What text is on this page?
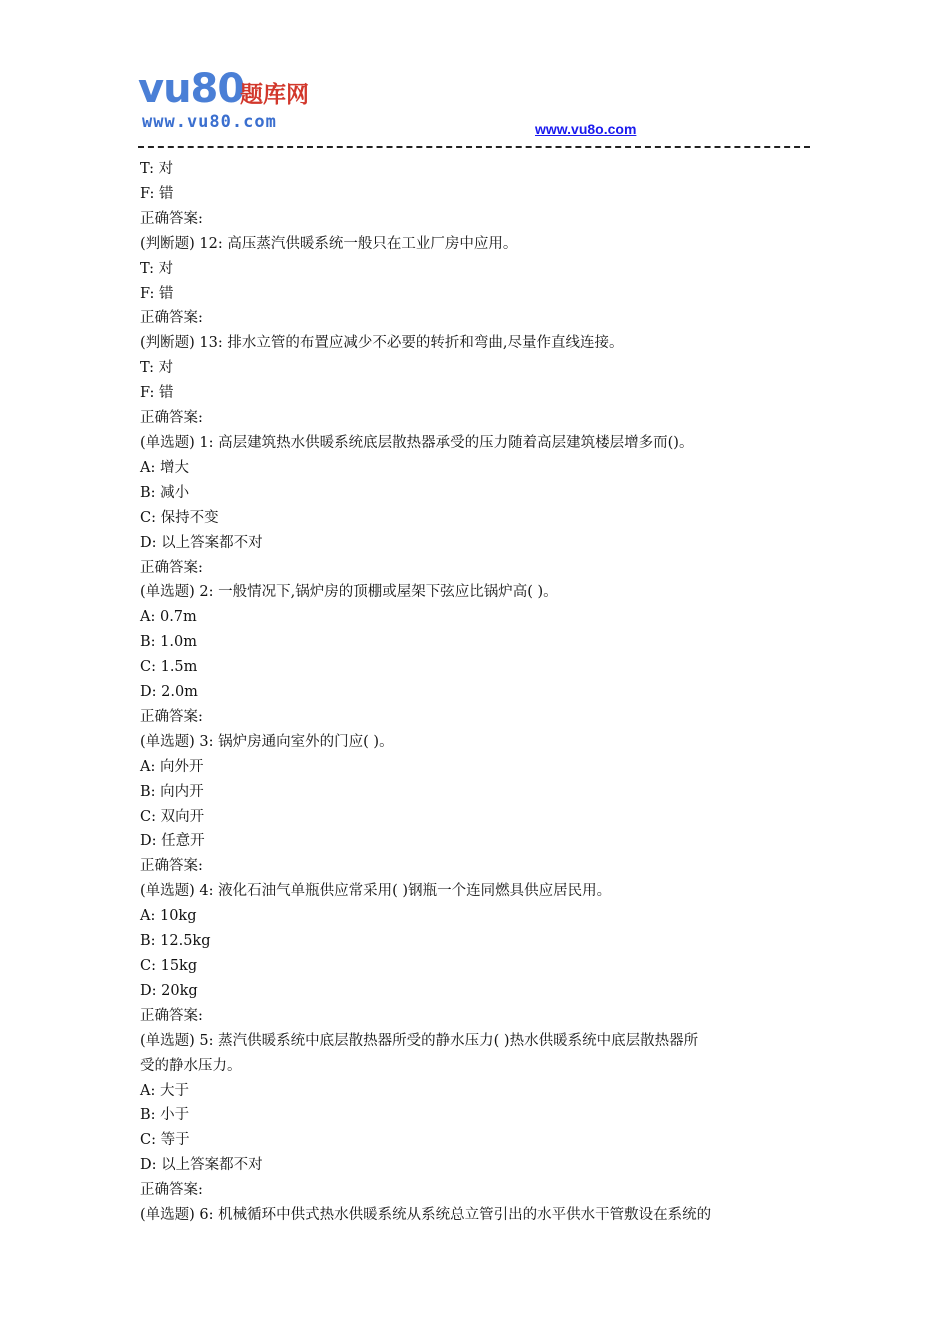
vu80
题库网
www.vu80.com	www.vu8o.com
T: 对
F: 错
正确答案:
(判断题) 12: 高压蒸汽供暖系统一般只在工业厂房中应用。
T: 对
F: 错
正确答案:
(判断题) 13: 排水立管的布置应减少不必要的转折和弯曲,尽量作直线连接。
T: 对
F: 错
正确答案:
(单选题) 1: 高层建筑热水供暖系统底层散热器承受的压力随着高层建筑楼层增多而()。
A: 增大
B: 减小
C: 保持不变
D: 以上答案都不对
正确答案:
(单选题) 2: 一般情况下,锅炉房的顶棚或屋架下弦应比锅炉高( )。
A: 0.7m
B: 1.0m
C: 1.5m
D: 2.0m
正确答案:
(单选题) 3: 锅炉房通向室外的门应( )。
A: 向外开
B: 向内开
C: 双向开
D: 任意开
正确答案:
(单选题) 4: 液化石油气单瓶供应常采用( )钢瓶一个连同燃具供应居民用。
A: 10kg
B: 12.5kg
C: 15kg
D: 20kg
正确答案:
(单选题) 5: 蒸汽供暖系统中底层散热器所受的静水压力( )热水供暖系统中底层散热器所
受的静水压力。
A: 大于
B: 小于
C: 等于
D: 以上答案都不对
正确答案:
(单选题) 6: 机械循环中供式热水供暖系统从系统总立管引出的水平供水干管敷设在系统的
